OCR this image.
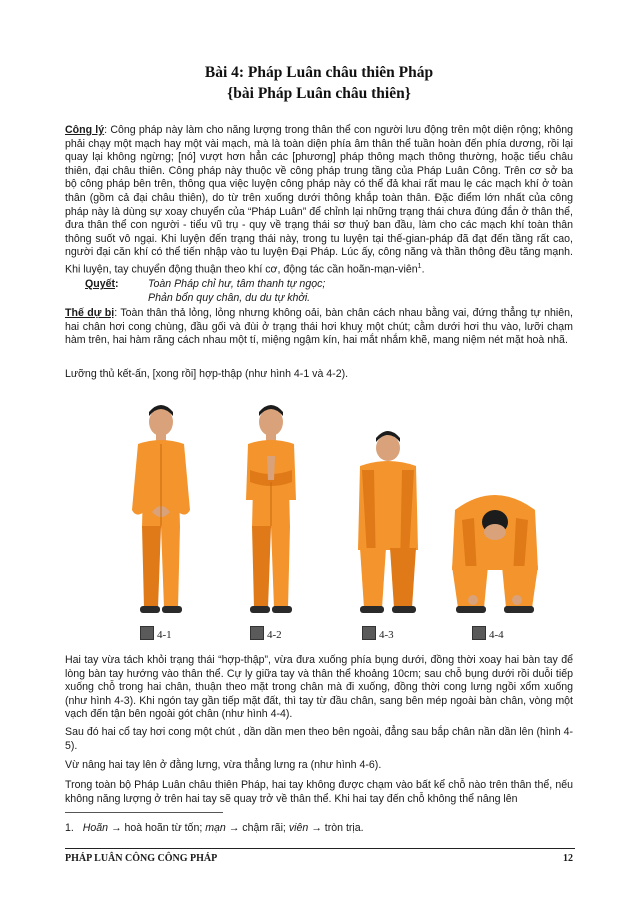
Bài 4: Pháp Luân châu thiên Pháp
{bài Pháp Luân châu thiên}

Công lý: Công pháp này làm cho năng lượng trong thân thể con người lưu động trên một diện rộng; không phải chạy một mạch hay một vài mạch, mà là toàn diện phía âm thân thể tuần hoàn đến phía dương, rồi lại quay lại không ngừng; [nó] vượt hơn hẳn các [phương] pháp thông mạch thông thường, hoặc tiểu châu thiên, đại châu thiên. Công pháp này thuộc về công pháp trung tầng của Pháp Luân Công. Trên cơ sở ba bộ công pháp bên trên, thông qua việc luyện công pháp này có thể đả khai rất mau lẹ các mạch khí ở toàn thân (gồm cả đại châu thiên), do từ trên xuống dưới thông khắp toàn thân. Đặc điểm lớn nhất của công pháp này là dùng sự xoay chuyển của “Pháp Luân” để chỉnh lại những trạng thái chưa đúng đắn ở thân thể, đưa thân thể con người - tiểu vũ trụ - quy về trạng thái sơ thuỷ ban đầu, làm cho các mạch khí toàn thân thông suốt vô ngại. Khi luyện đến trạng thái này, trong tu luyện tại thế-gian-pháp đã đạt đến tầng rất cao, người đại căn khí có thể tiến nhập vào tu luyện Đại Pháp. Lúc ấy, công năng và thần thông đều tăng mạnh. Khi luyện, tay chuyển động thuận theo khí cơ, động tác cần hoãn-mạn-viên$^1$.

Quyết:	Toàn Pháp chỉ hư, tâm thanh tự ngọc;
Phản bổn quy chân, du du tự khởi.

Thế dự bị: Toàn thân thả lỏng, lỏng nhưng không oải, bàn chân cách nhau bằng vai, đứng thẳng tự nhiên, hai chân hơi cong chùng, đầu gối và đùi ở trạng thái hơi khuỵ một chút; cằm dưới hơi thu vào, lưỡi chạm hàm trên, hai hàm răng cách nhau một tí, miệng ngậm kín, hai mắt nhắm khẽ, mang niệm nét mặt hoà nhã.

Lưỡng thủ kết-ấn, [xong rồi] hợp-thập (như hình 4-1 và 4-2).

4-1	4-2	4-3	4-4

Hai tay vừa tách khỏi trạng thái “hợp-thập”, vừa đưa xuống phía bụng dưới, đồng thời xoay hai bàn tay để lòng bàn tay hướng vào thân thể. Cự ly giữa tay và thân thể khoảng 10cm; sau chỗ bụng dưới rồi duỗi tiếp xuống chỗ trong hai chân, thuận theo mặt trong chân mà đi xuống, đồng thời cong lưng ngồi xổm xuống (như hình 4-3). Khi ngón tay gần tiếp mặt đất, thì tay từ đầu chân, sang bên mép ngoài bàn chân, vòng một vạch đến tận bên ngoài gót chân (như hình 4-4).

Sau đó hai cổ tay hơi cong một chút , dần dần men theo bên ngoài, đẳng sau bắp chân nần dần lên (hình 4-5).

Vừ nâng hai tay lên ở đằng lưng, vừa thẳng lưng ra (như hình 4-6).

Trong toàn bộ Pháp Luân châu thiên Pháp, hai tay không được chạm vào bất kể chỗ nào trên thân thể, nếu không năng lượng ở trên hai tay sẽ quay trở về thân thể. Khi hai tay đến chỗ không thể nâng lên

1. Hoãn → hoà hoãn từ tốn; mạn → chậm rãi; viên → tròn trịa.
PHÁP LUÂN CÔNG CÔNG PHÁP	12
